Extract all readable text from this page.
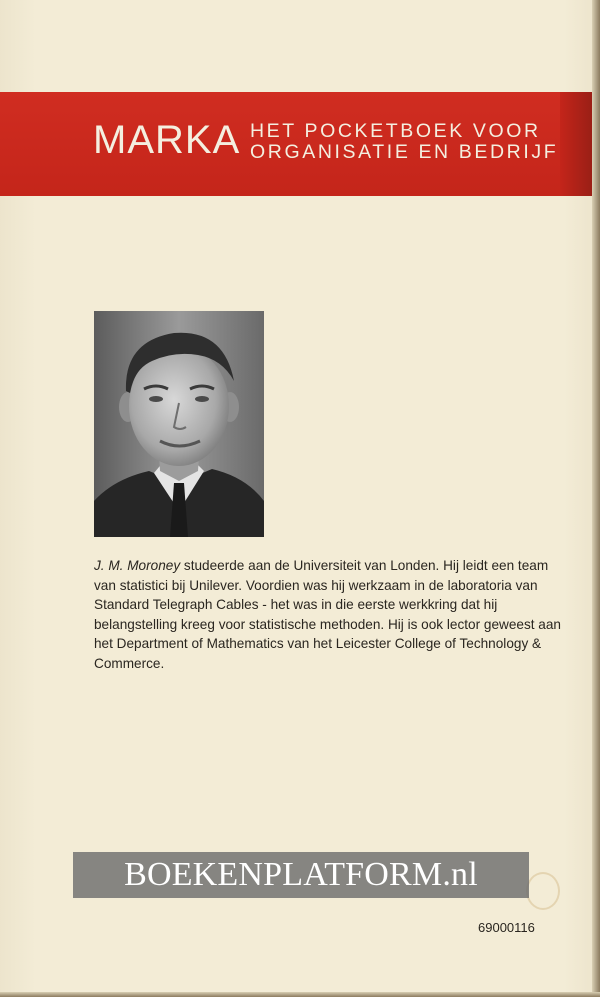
MARKA HET POCKETBOEK VOOR
ORGANISATIE EN BEDRIJF
J. M. Moroney studeerde aan de Universiteit van Londen. Hij leidt een team van statistici bij Unilever. Voordien was hij werkzaam in de laboratoria van Standard Telegraph Cables - het was in die eerste werkkring dat hij belangstelling kreeg voor statistische methoden. Hij is ook lector geweest aan het Department of Mathematics van het Leicester College of Technology & Commerce.
BOEKENPLATFORM.nl
69000116
